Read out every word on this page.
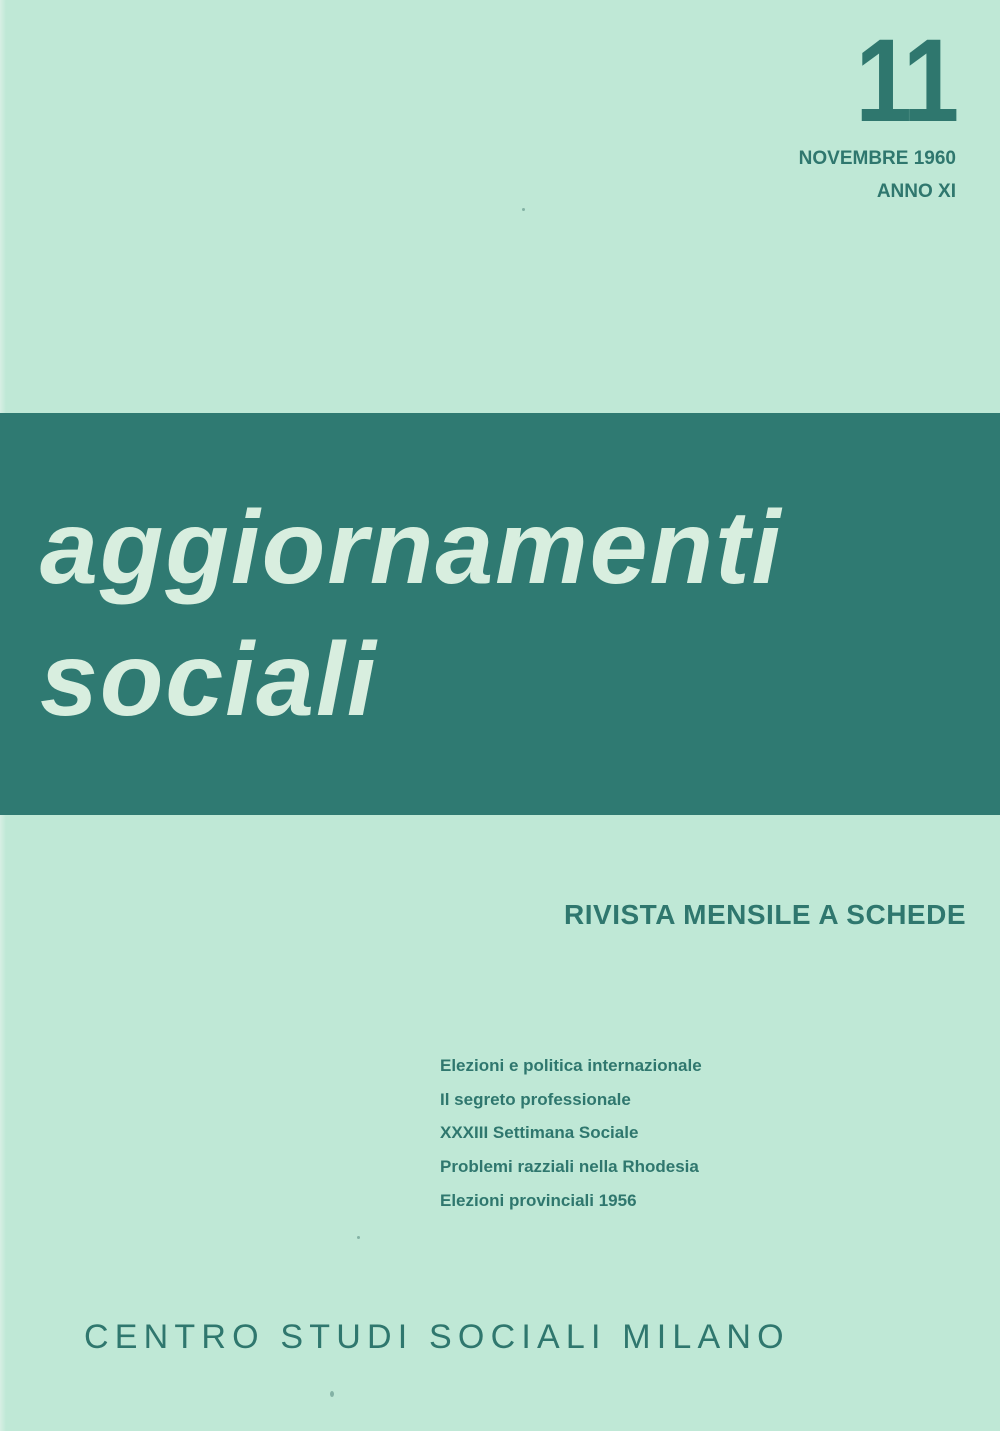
11
NOVEMBRE 1960
ANNO XI
aggiornamenti
sociali
RIVISTA MENSILE A SCHEDE
Elezioni e politica internazionale
Il segreto professionale
XXXIII Settimana Sociale
Problemi razziali nella Rhodesia
Elezioni provinciali 1956
CENTRO STUDI SOCIALI MILANO
